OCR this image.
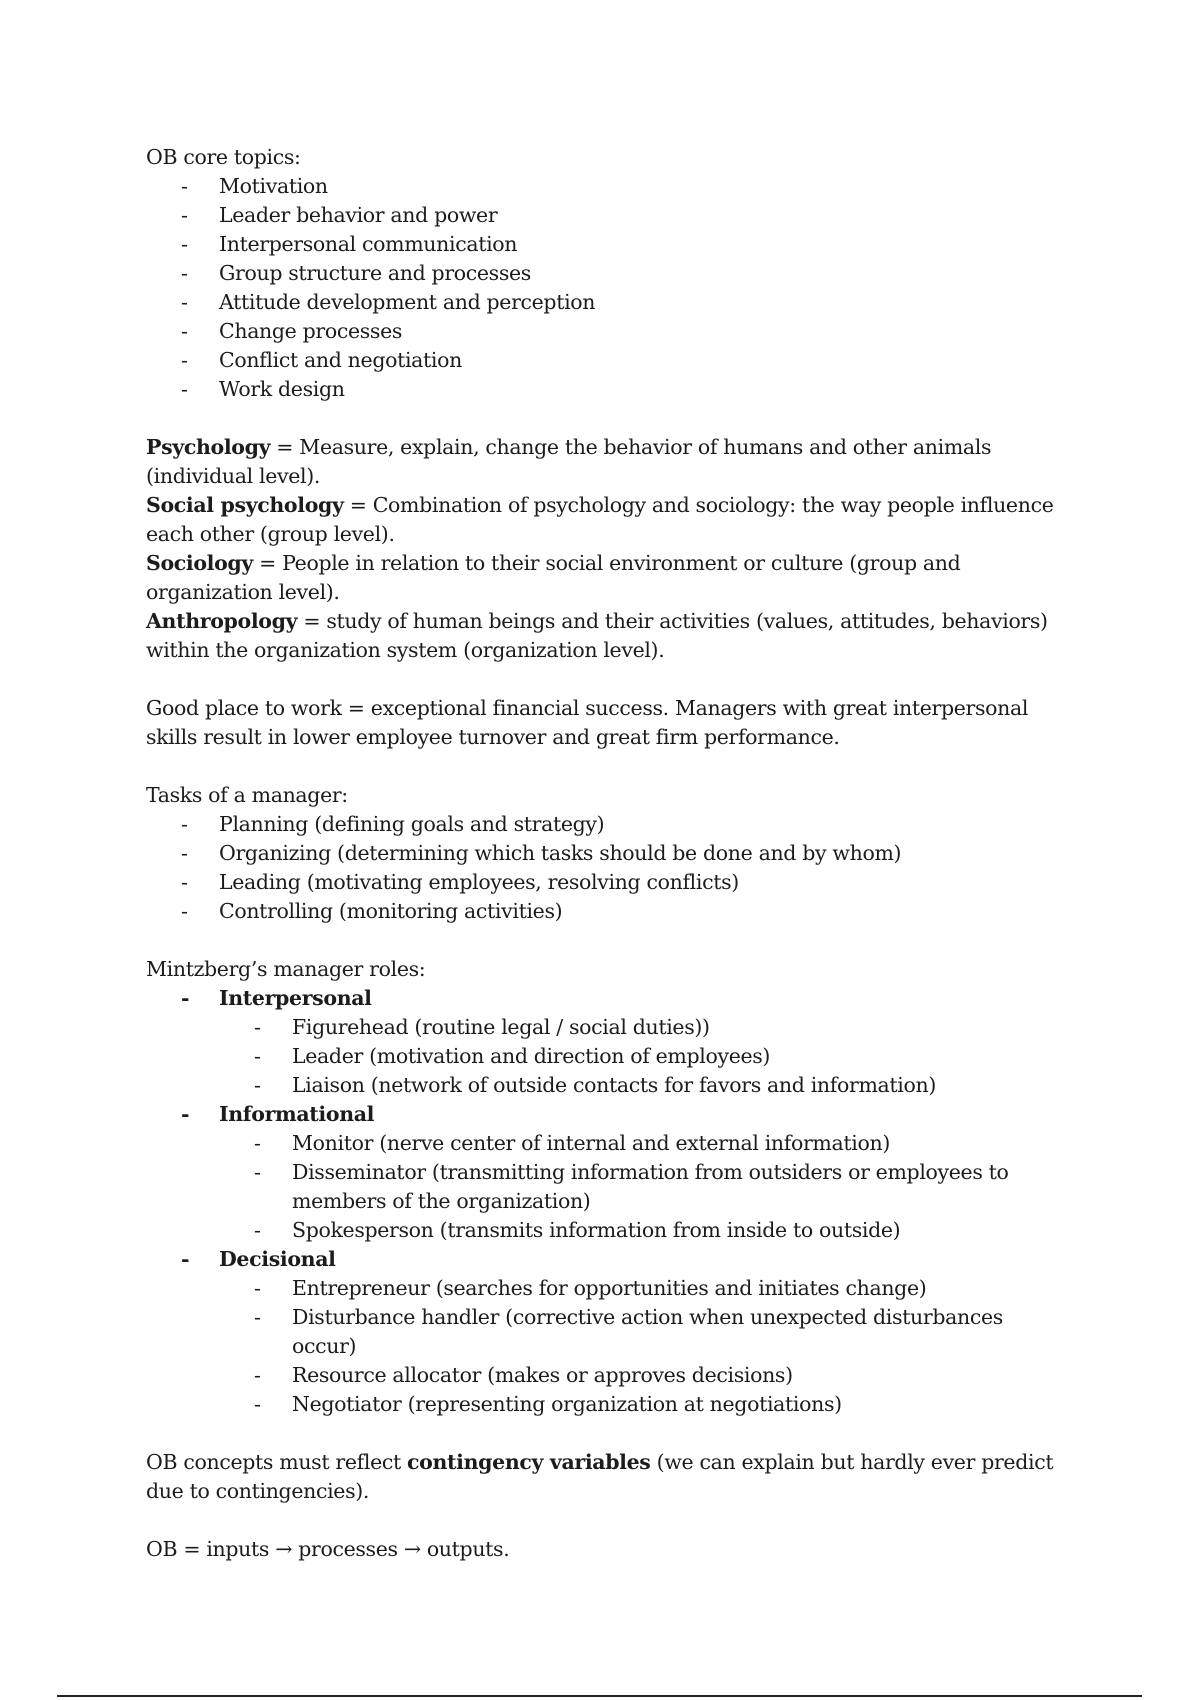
OB core topics:

- Motivation
- Leader behavior and power
- Interpersonal communication
- Group structure and processes
- Attitude development and perception
- Change processes
- Conflict and negotiation
- Work design

Psychology = Measure, explain, change the behavior of humans and other animals (individual level).

Social psychology = Combination of psychology and sociology: the way people influence each other (group level).

Sociology = People in relation to their social environment or culture (group and organization level).

Anthropology = study of human beings and their activities (values, attitudes, behaviors) within the organization system (organization level).

Good place to work = exceptional financial success. Managers with great interpersonal skills result in lower employee turnover and great firm performance.

Tasks of a manager:

- Planning (defining goals and strategy)
- Organizing (determining which tasks should be done and by whom)
- Leading (motivating employees, resolving conflicts)
- Controlling (monitoring activities)

Mintzberg’s manager roles:

- Interpersonal
- Figurehead (routine legal / social duties))
- Leader (motivation and direction of employees)
- Liaison (network of outside contacts for favors and information)
- Informational
- Monitor (nerve center of internal and external information)
- Disseminator (transmitting information from outsiders or employees to members of the organization)
- Spokesperson (transmits information from inside to outside)
- Decisional
- Entrepreneur (searches for opportunities and initiates change)
- Disturbance handler (corrective action when unexpected disturbances occur)
- Resource allocator (makes or approves decisions)
- Negotiator (representing organization at negotiations)

OB concepts must reflect contingency variables (we can explain but hardly ever predict due to contingencies).

OB = inputs → processes → outputs.
